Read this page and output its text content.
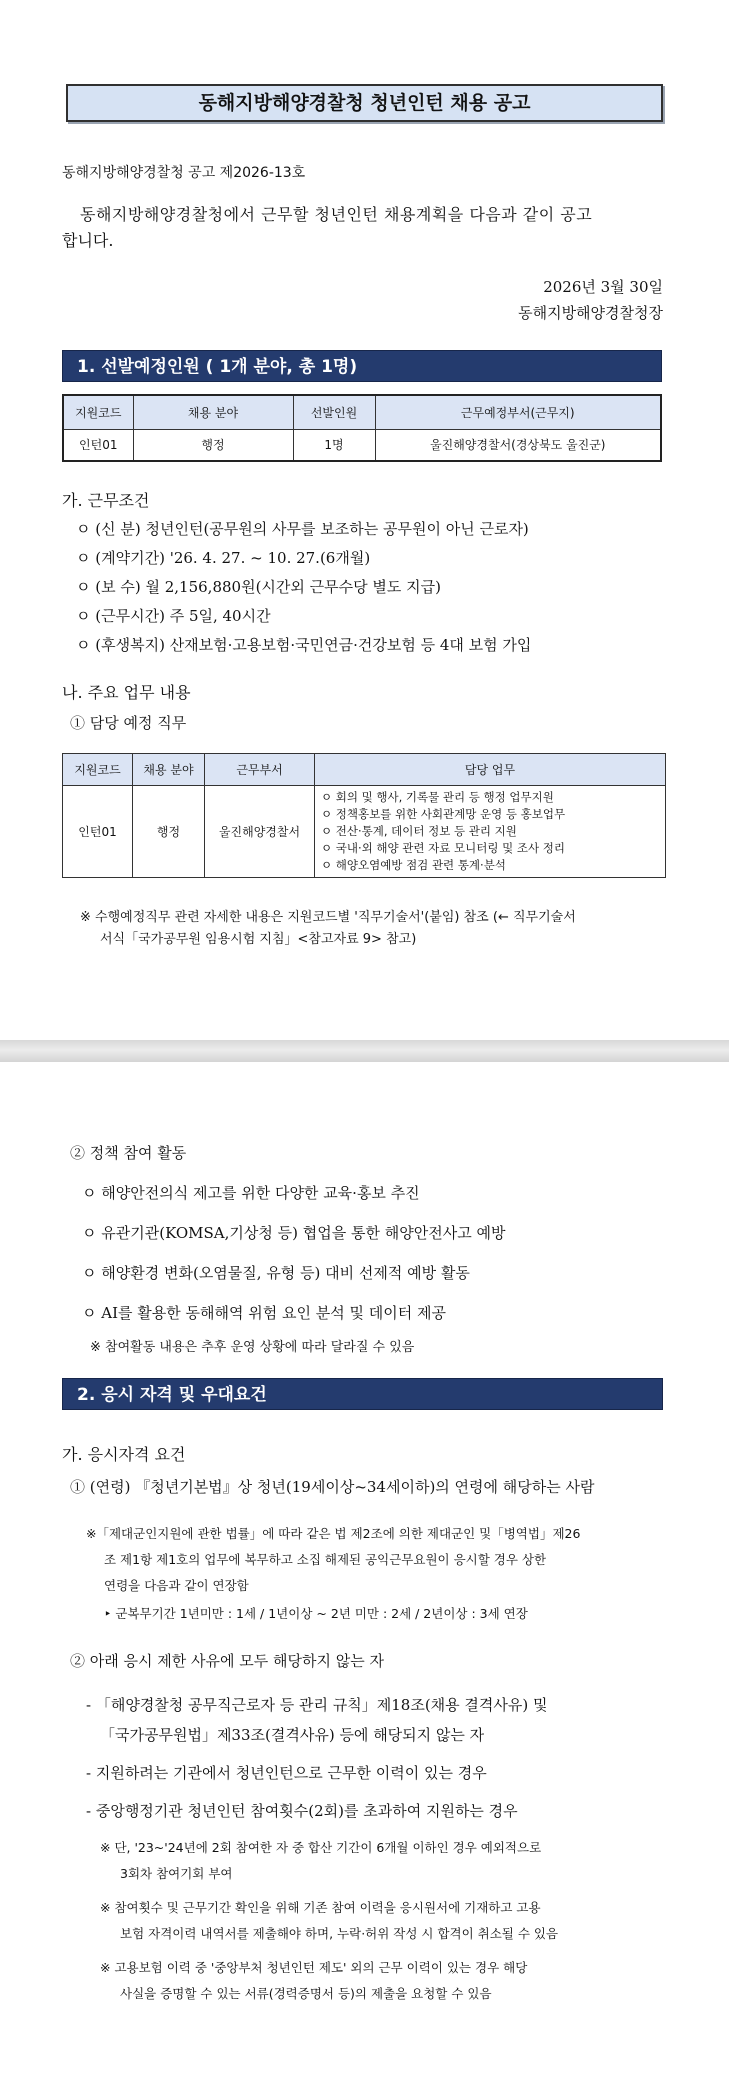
동해지방해양경찰청 청년인턴 채용 공고
동해지방해양경찰청 공고 제2026-13호
동해지방해양경찰청에서 근무할 청년인턴 채용계획을 다음과 같이 공고
합니다.
2026년 3월 30일
동해지방해양경찰청장
1. 선발예정인원 ( 1개 분야, 총 1명)
지원코드	채용 분야	선발인원	근무예정부서(근무지)
인턴01	행정	1명	울진해양경찰서(경상북도 울진군)
가. 근무조건
ㅇ (신 분) 청년인턴(공무원의 사무를 보조하는 공무원이 아닌 근로자)
ㅇ (계약기간) '26. 4. 27. ~ 10. 27.(6개월)
ㅇ (보 수) 월 2,156,880원(시간외 근무수당 별도 지급)
ㅇ (근무시간) 주 5일, 40시간
ㅇ (후생복지) 산재보험·고용보험·국민연금·건강보험 등 4대 보험 가입
나. 주요 업무 내용
① 담당 예정 직무
지원코드	채용 분야	근무부서	담당 업무
인턴01	행정	울진해양경찰서	ㅇ 회의 및 행사, 기록물 관리 등 행정 업무지원
ㅇ 정책홍보를 위한 사회관계망 운영 등 홍보업무
ㅇ 전산·통계, 데이터 정보 등 관리 지원
ㅇ 국내·외 해양 관련 자료 모니터링 및 조사 정리
ㅇ 해양오염예방 점검 관련 통계·분석
※ 수행예정직무 관련 자세한 내용은 지원코드별 '직무기술서'(붙임) 참조 (← 직무기술서
서식「국가공무원 임용시험 지침」<참고자료 9> 참고)
② 정책 참여 활동
ㅇ 해양안전의식 제고를 위한 다양한 교육·홍보 추진
ㅇ 유관기관(KOMSA,기상청 등) 협업을 통한 해양안전사고 예방
ㅇ 해양환경 변화(오염물질, 유형 등) 대비 선제적 예방 활동
ㅇ AI를 활용한 동해해역 위험 요인 분석 및 데이터 제공
※ 참여활동 내용은 추후 운영 상황에 따라 달라질 수 있음
2. 응시 자격 및 우대요건
가. 응시자격 요건
① (연령) 『청년기본법』상 청년(19세이상~34세이하)의 연령에 해당하는 사람
※「제대군인지원에 관한 법률」에 따라 같은 법 제2조에 의한 제대군인 및「병역법」제26
조 제1항 제1호의 업무에 복무하고 소집 해제된 공익근무요원이 응시할 경우 상한
연령을 다음과 같이 연장함
‣ 군복무기간 1년미만 : 1세 / 1년이상 ~ 2년 미만 : 2세 / 2년이상 : 3세 연장
② 아래 응시 제한 사유에 모두 해당하지 않는 자
- 「해양경찰청 공무직근로자 등 관리 규칙」제18조(채용 결격사유) 및
「국가공무원법」제33조(결격사유) 등에 해당되지 않는 자
- 지원하려는 기관에서 청년인턴으로 근무한 이력이 있는 경우
- 중앙행정기관 청년인턴 참여횟수(2회)를 초과하여 지원하는 경우
※ 단, '23~'24년에 2회 참여한 자 중 합산 기간이 6개월 이하인 경우 예외적으로
3회차 참여기회 부여
※ 참여횟수 및 근무기간 확인을 위해 기존 참여 이력을 응시원서에 기재하고 고용
보험 자격이력 내역서를 제출해야 하며, 누락·허위 작성 시 합격이 취소될 수 있음
※ 고용보험 이력 중 '중앙부처 청년인턴 제도' 외의 근무 이력이 있는 경우 해당
사실을 증명할 수 있는 서류(경력증명서 등)의 제출을 요청할 수 있음
